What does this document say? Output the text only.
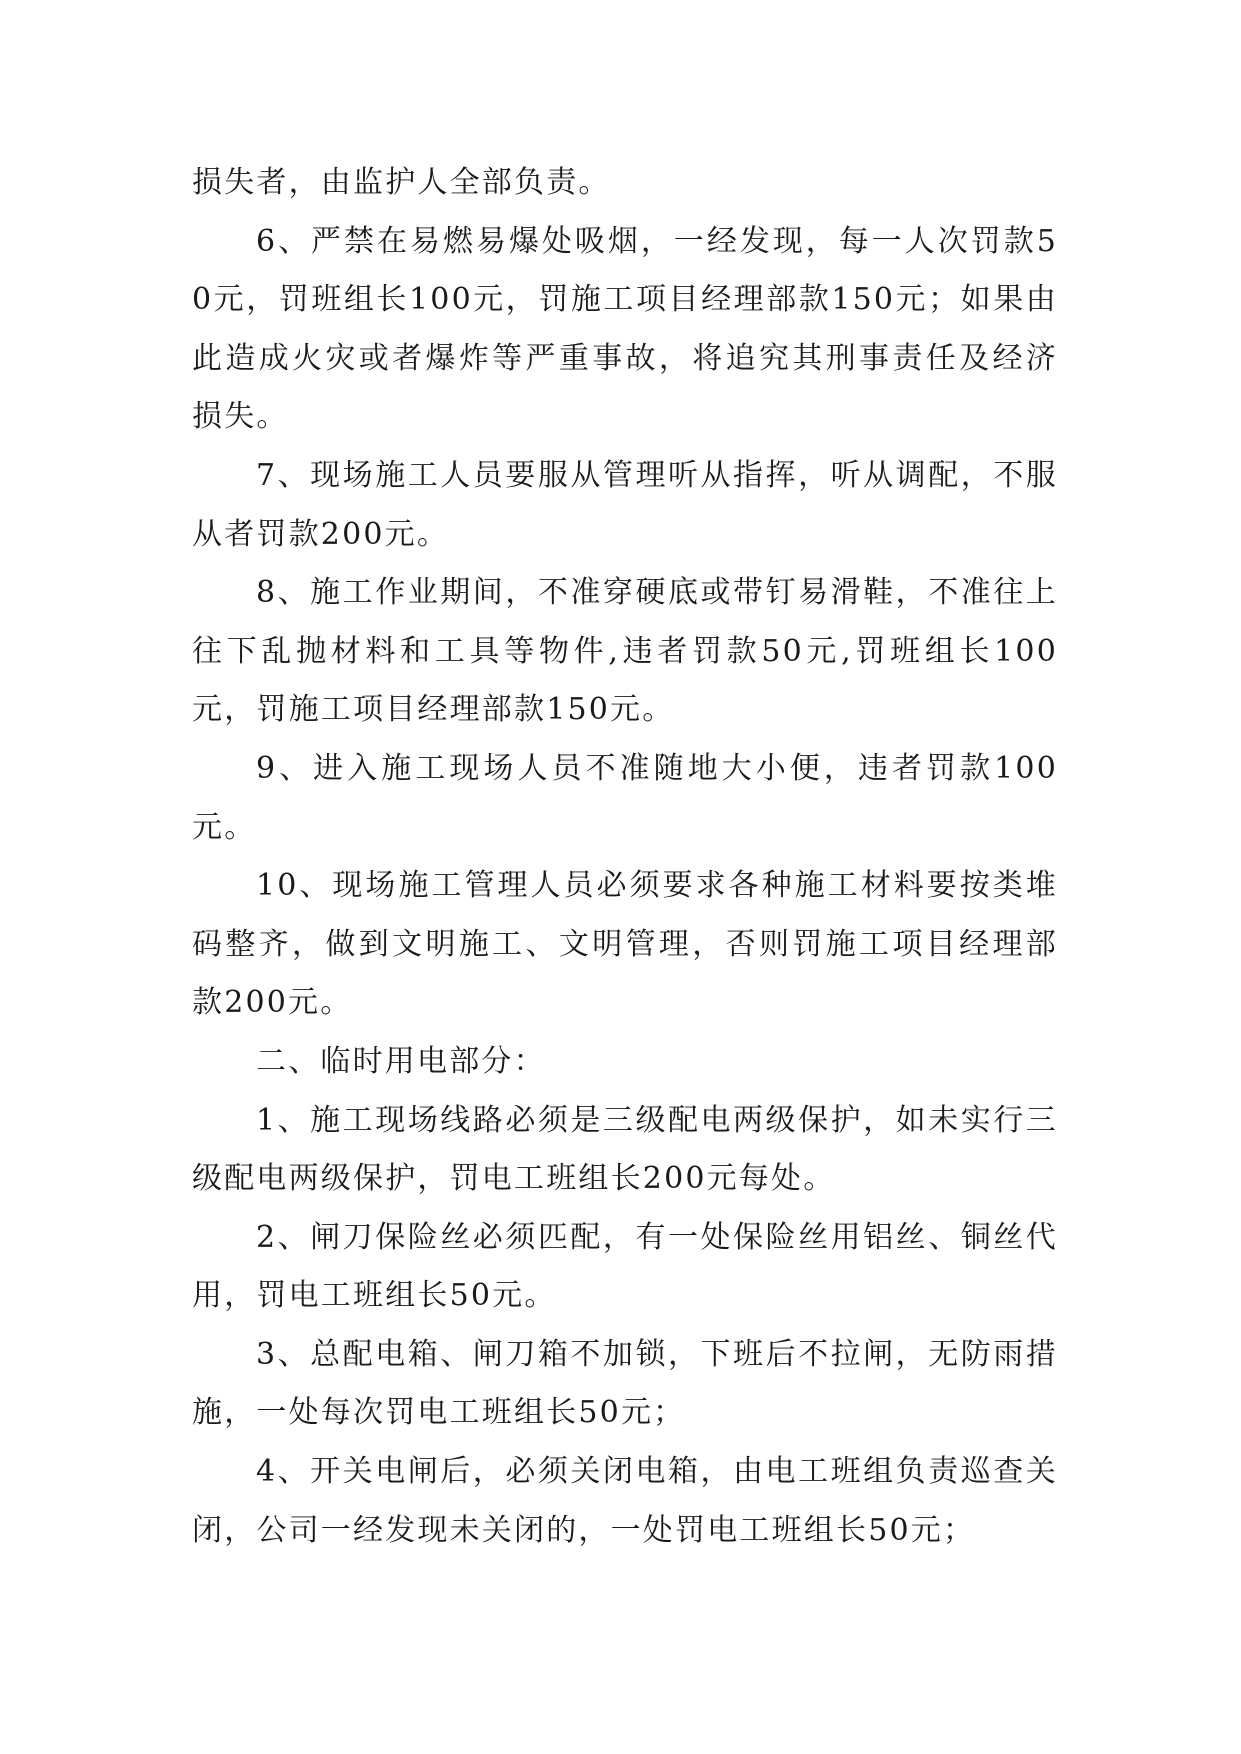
损失者，由监护人全部负责。

6、严禁在易燃易爆处吸烟，一经发现，每一人次罚款50元，罚班组长100元，罚施工项目经理部款150元；如果由此造成火灾或者爆炸等严重事故，将追究其刑事责任及经济损失。

7、现场施工人员要服从管理听从指挥，听从调配，不服从者罚款200元。

8、施工作业期间，不准穿硬底或带钉易滑鞋，不准往上往下乱抛材料和工具等物件,违者罚款50元,罚班组长100元，罚施工项目经理部款150元。

9、进入施工现场人员不准随地大小便，违者罚款100元。

10、现场施工管理人员必须要求各种施工材料要按类堆码整齐，做到文明施工、文明管理，否则罚施工项目经理部款200元。

二、临时用电部分：

1、施工现场线路必须是三级配电两级保护，如未实行三级配电两级保护，罚电工班组长200元每处。

2、闸刀保险丝必须匹配，有一处保险丝用铝丝、铜丝代用，罚电工班组长50元。

3、总配电箱、闸刀箱不加锁，下班后不拉闸，无防雨措施，一处每次罚电工班组长50元；

4、开关电闸后，必须关闭电箱，由电工班组负责巡查关闭，公司一经发现未关闭的，一处罚电工班组长50元；
